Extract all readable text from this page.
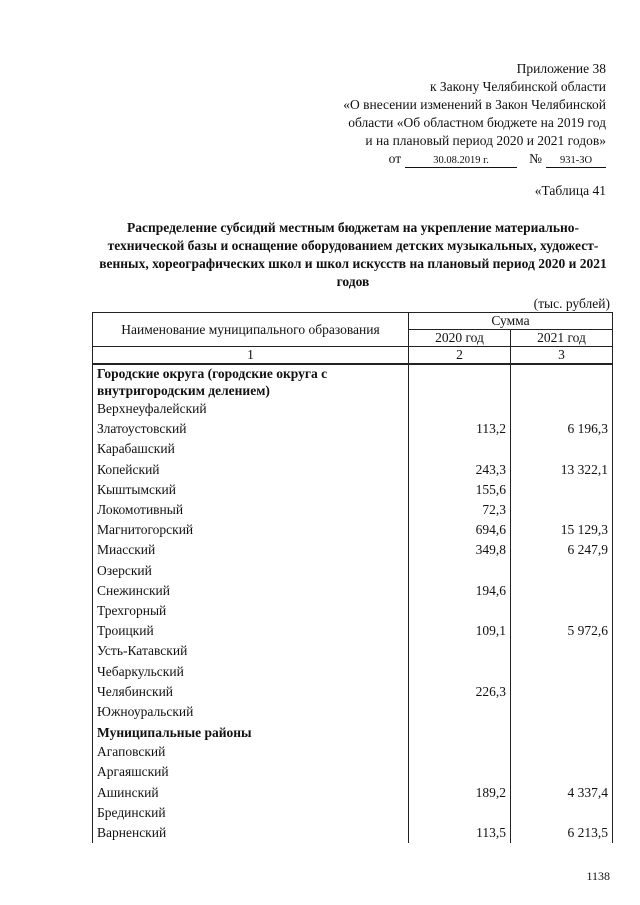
Приложение 38
к Закону Челябинской области
«О внесении изменений в Закон Челябинской
области «Об областном бюджете на 2019 год
и на плановый период 2020 и 2021 годов»
от	30.08.2019 г.	№	931-ЗО
«Таблица 41
Распределение субсидий местным бюджетам на укрепление материально-технической базы и оснащение оборудованием детских музыкальных, художественных, хореографических школ и школ искусств на плановый период 2020 и 2021 годов
(тыс. рублей)
Наименование муниципального образования	Сумма	
	2020 год	2021 год
1	2	3
Городские округа (городские округа с внутригородским делением)		
Верхнеуфалейский		
Златоустовский	113,2	6 196,3
Карабашский		
Копейский	243,3	13 322,1
Кыштымский	155,6	
Локомотивный	72,3	
Магнитогорский	694,6	15 129,3
Миасский	349,8	6 247,9
Озерский		
Снежинский	194,6	
Трехгорный		
Троицкий	109,1	5 972,6
Усть-Катавский		
Чебаркульский		
Челябинский	226,3	
Южноуральский		
Муниципальные районы		
Агаповский		
Аргаяшский		
Ашинский	189,2	4 337,4
Брединский		
Варненский	113,5	6 213,5
1138
